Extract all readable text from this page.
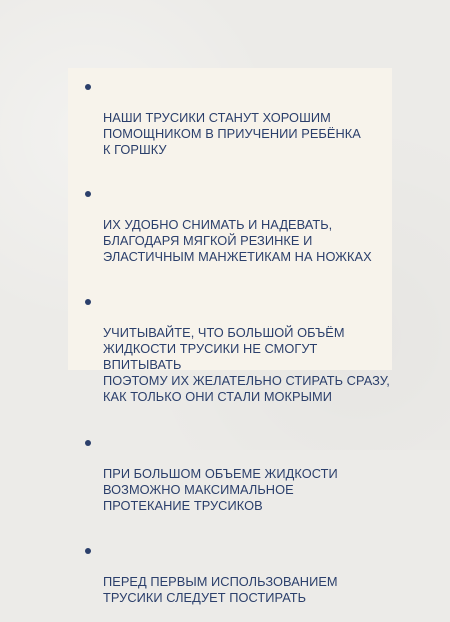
НАШИ ТРУСИКИ СТАНУТ ХОРОШИМ
ПОМОЩНИКОМ В ПРИУЧЕНИИ РЕБЁНКА
К ГОРШКУ

ИХ УДОБНО СНИМАТЬ И НАДЕВАТЬ,
БЛАГОДАРЯ МЯГКОЙ РЕЗИНКЕ И
ЭЛАСТИЧНЫМ МАНЖЕТИКАМ НА НОЖКАХ

УЧИТЫВАЙТЕ, ЧТО БОЛЬШОЙ ОБЪЁМ
ЖИДКОСТИ ТРУСИКИ НЕ СМОГУТ ВПИТЫВАТЬ
ПОЭТОМУ ИХ ЖЕЛАТЕЛЬНО СТИРАТЬ СРАЗУ,
КАК ТОЛЬКО ОНИ СТАЛИ МОКРЫМИ

ПРИ БОЛЬШОМ ОБЪЕМЕ ЖИДКОСТИ
ВОЗМОЖНО МАКСИМАЛЬНОЕ
ПРОТЕКАНИЕ ТРУСИКОВ

ПЕРЕД ПЕРВЫМ ИСПОЛЬЗОВАНИЕМ
ТРУСИКИ СЛЕДУЕТ ПОСТИРАТЬ
